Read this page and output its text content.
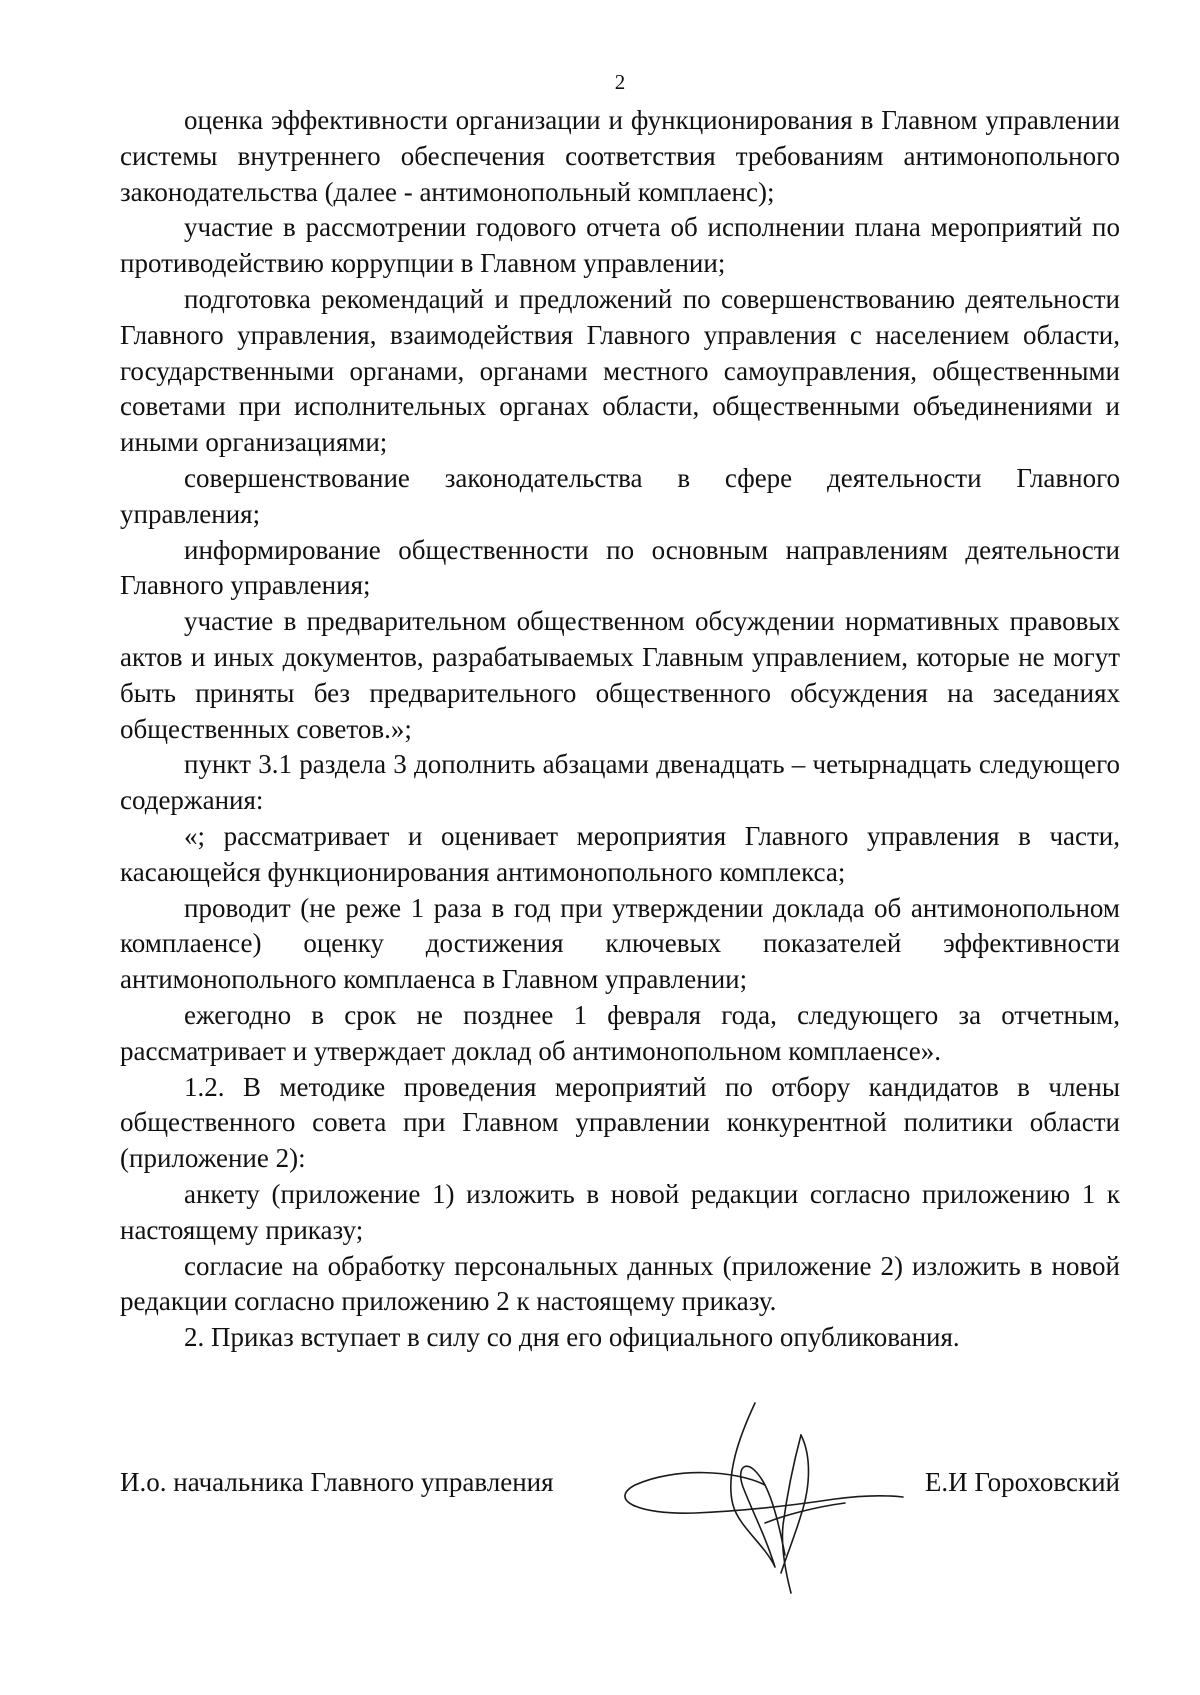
2

оценка эффективности организации и функционирования в Главном управлении системы внутреннего обеспечения соответствия требованиям антимонопольного законодательства (далее - антимонопольный комплаенс);

участие в рассмотрении годового отчета об исполнении плана мероприятий по противодействию коррупции в Главном управлении;

подготовка рекомендаций и предложений по совершенствованию деятельности Главного управления, взаимодействия Главного управления с населением области, государственными органами, органами местного самоуправления, общественными советами при исполнительных органах области, общественными объединениями и иными организациями;

совершенствование законодательства в сфере деятельности Главного управления;

информирование общественности по основным направлениям деятельности Главного управления;

участие в предварительном общественном обсуждении нормативных правовых актов и иных документов, разрабатываемых Главным управлением, которые не могут быть приняты без предварительного общественного обсуждения на заседаниях общественных советов.»;

пункт 3.1 раздела 3 дополнить абзацами двенадцать – четырнадцать следующего содержания:

«; рассматривает и оценивает мероприятия Главного управления в части, касающейся функционирования антимонопольного комплекса;

проводит (не реже 1 раза в год при утверждении доклада об антимонопольном комплаенсе) оценку достижения ключевых показателей эффективности антимонопольного комплаенса в Главном управлении;

ежегодно в срок не позднее 1 февраля года, следующего за отчетным, рассматривает и утверждает доклад об антимонопольном комплаенсе».

1.2. В методике проведения мероприятий по отбору кандидатов в члены общественного совета при Главном управлении конкурентной политики области (приложение 2):

анкету (приложение 1) изложить в новой редакции согласно приложению 1 к настоящему приказу;

согласие на обработку персональных данных (приложение 2) изложить в новой редакции согласно приложению 2 к настоящему приказу.

2. Приказ вступает в силу со дня его официального опубликования.

И.о. начальника Главного управления	Е.И Гороховский
